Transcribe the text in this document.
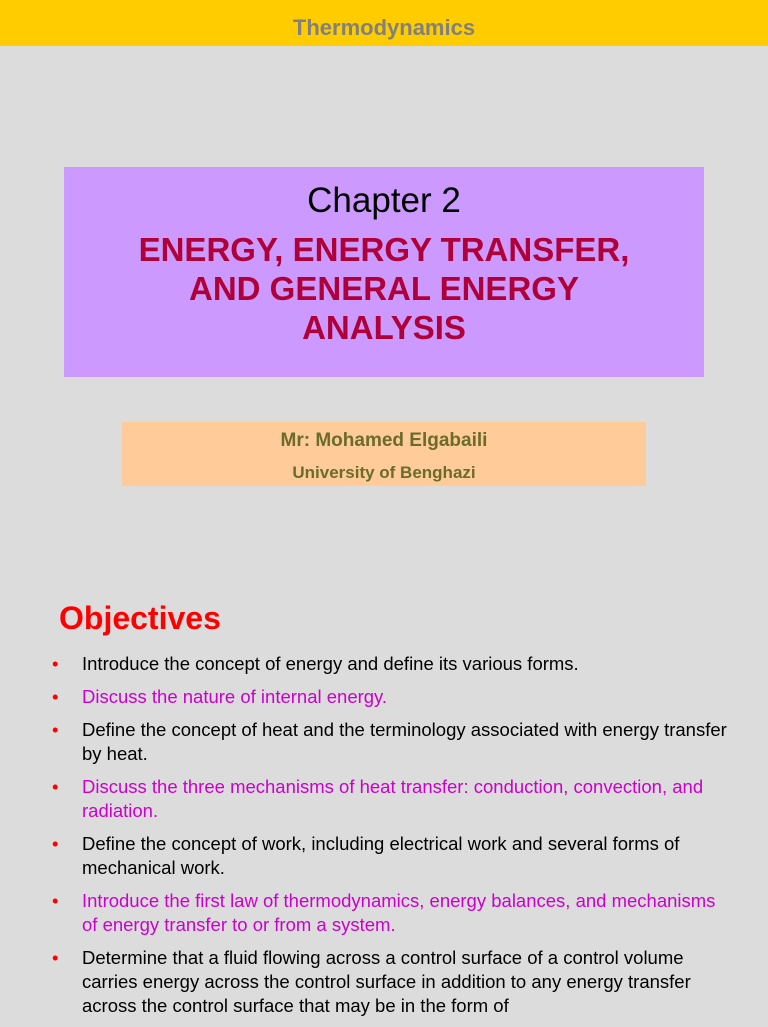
Thermodynamics
Chapter 2
ENERGY, ENERGY TRANSFER,
AND GENERAL ENERGY
ANALYSIS
Mr: Mohamed Elgabaili
University of Benghazi
Objectives
• Introduce the concept of energy and define its various forms.
• Discuss the nature of internal energy.
• Define the concept of heat and the terminology associated with energy transfer by heat.
• Discuss the three mechanisms of heat transfer: conduction, convection, and radiation.
• Define the concept of work, including electrical work and several forms of mechanical work.
• Introduce the first law of thermodynamics, energy balances, and mechanisms of energy transfer to or from a system.
• Determine that a fluid flowing across a control surface of a control volume carries energy across the control surface in addition to any energy transfer across the control surface that may be in the form of
